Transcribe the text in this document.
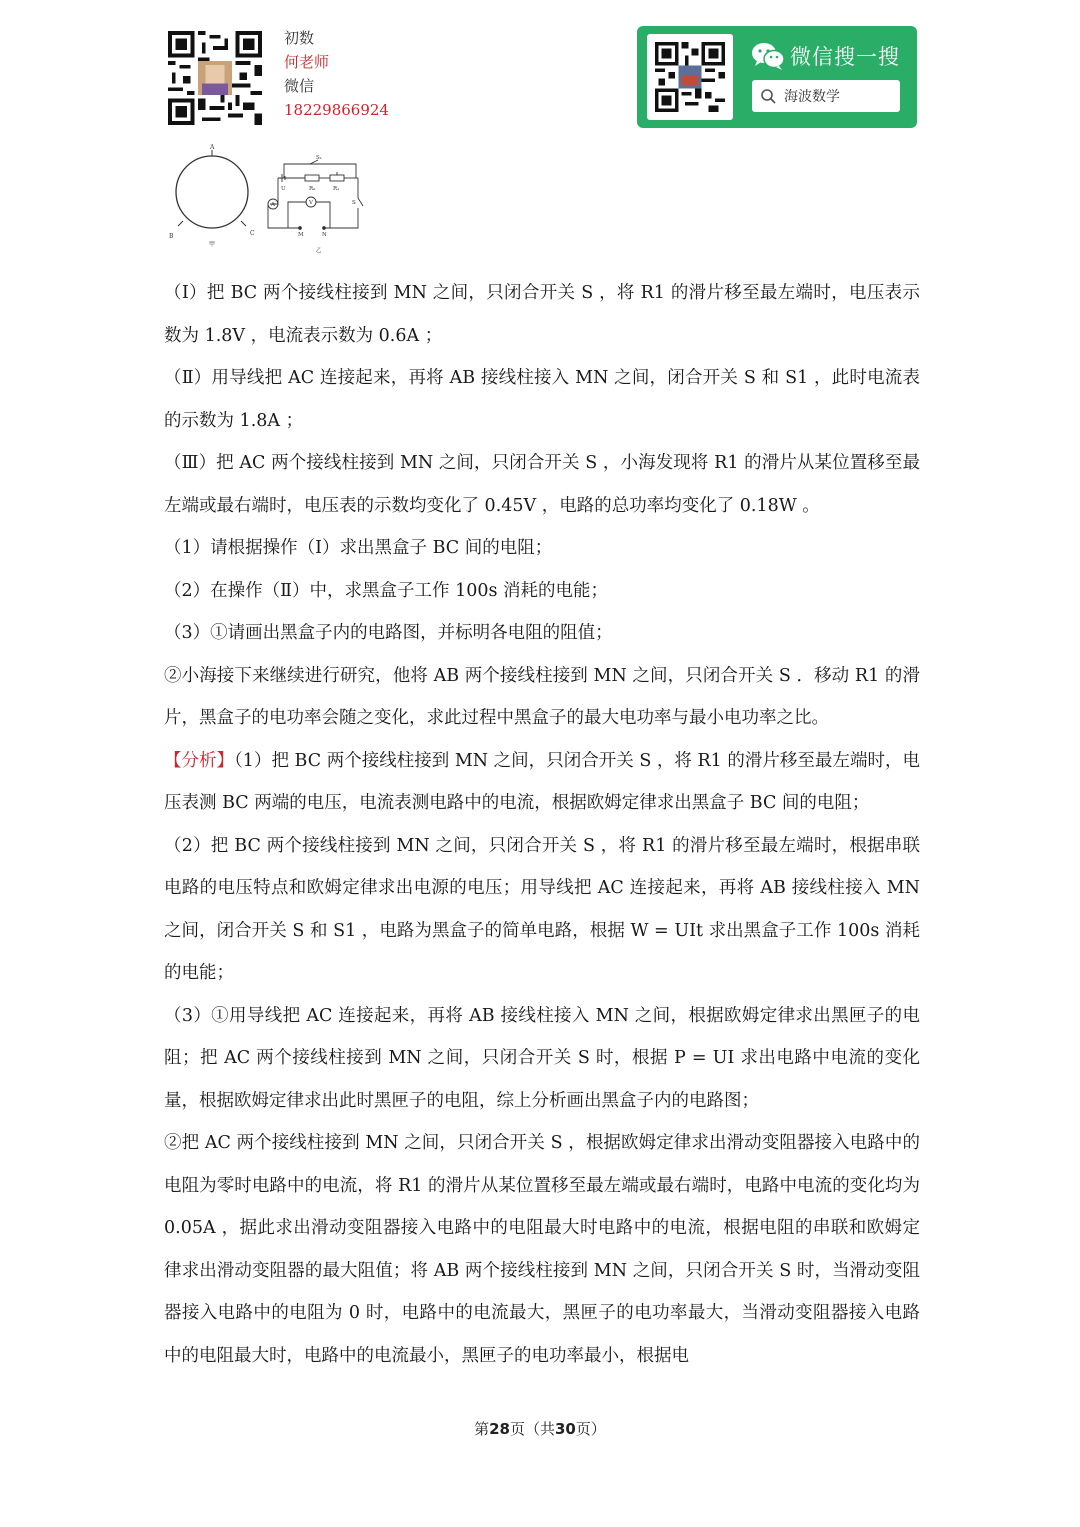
初数
何老师
微信
18229866924
微信搜一搜
海波数学
A
B	C
甲
S₁
U	R₀	R₁
S
A	V
M	N
乙

（Ⅰ）把 BC 两个接线柱接到 MN 之间，只闭合开关 S ，将 R1 的滑片移至最左端时，电压表示数为 1.8V ，电流表示数为 0.6A ；

（Ⅱ）用导线把 AC 连接起来，再将 AB 接线柱接入 MN 之间，闭合开关 S 和 S1 ，此时电流表的示数为 1.8A ；

（Ⅲ）把 AC 两个接线柱接到 MN 之间，只闭合开关 S ，小海发现将 R1 的滑片从某位置移至最左端或最右端时，电压表的示数均变化了 0.45V ，电路的总功率均变化了 0.18W 。

（1）请根据操作（Ⅰ）求出黑盒子 BC 间的电阻；

（2）在操作（Ⅱ）中，求黑盒子工作 100s 消耗的电能；

（3）①请画出黑盒子内的电路图，并标明各电阻的阻值；

②小海接下来继续进行研究，他将 AB 两个接线柱接到 MN 之间，只闭合开关 S ．移动 R1 的滑片，黑盒子的电功率会随之变化，求此过程中黑盒子的最大电功率与最小电功率之比。

【分析】（1）把 BC 两个接线柱接到 MN 之间，只闭合开关 S ，将 R1 的滑片移至最左端时，电压表测 BC 两端的电压，电流表测电路中的电流，根据欧姆定律求出黑盒子 BC 间的电阻；

（2）把 BC 两个接线柱接到 MN 之间，只闭合开关 S ，将 R1 的滑片移至最左端时，根据串联电路的电压特点和欧姆定律求出电源的电压；用导线把 AC 连接起来，再将 AB 接线柱接入 MN 之间，闭合开关 S 和 S1 ，电路为黑盒子的简单电路，根据 W = UIt 求出黑盒子工作 100s 消耗的电能；

（3）①用导线把 AC 连接起来，再将 AB 接线柱接入 MN 之间，根据欧姆定律求出黑匣子的电阻；把 AC 两个接线柱接到 MN 之间，只闭合开关 S 时，根据 P = UI 求出电路中电流的变化量，根据欧姆定律求出此时黑匣子的电阻，综上分析画出黑盒子内的电路图；

②把 AC 两个接线柱接到 MN 之间，只闭合开关 S ，根据欧姆定律求出滑动变阻器接入电路中的电阻为零时电路中的电流，将 R1 的滑片从某位置移至最左端或最右端时，电路中电流的变化均为 0.05A ，据此求出滑动变阻器接入电路中的电阻最大时电路中的电流，根据电阻的串联和欧姆定律求出滑动变阻器的最大阻值；将 AB 两个接线柱接到 MN 之间，只闭合开关 S 时，当滑动变阻器接入电路中的电阻为 0 时，电路中的电流最大，黑匣子的电功率最大，当滑动变阻器接入电路中的电阻最大时，电路中的电流最小，黑匣子的电功率最小，根据电

第28页（共30页）
